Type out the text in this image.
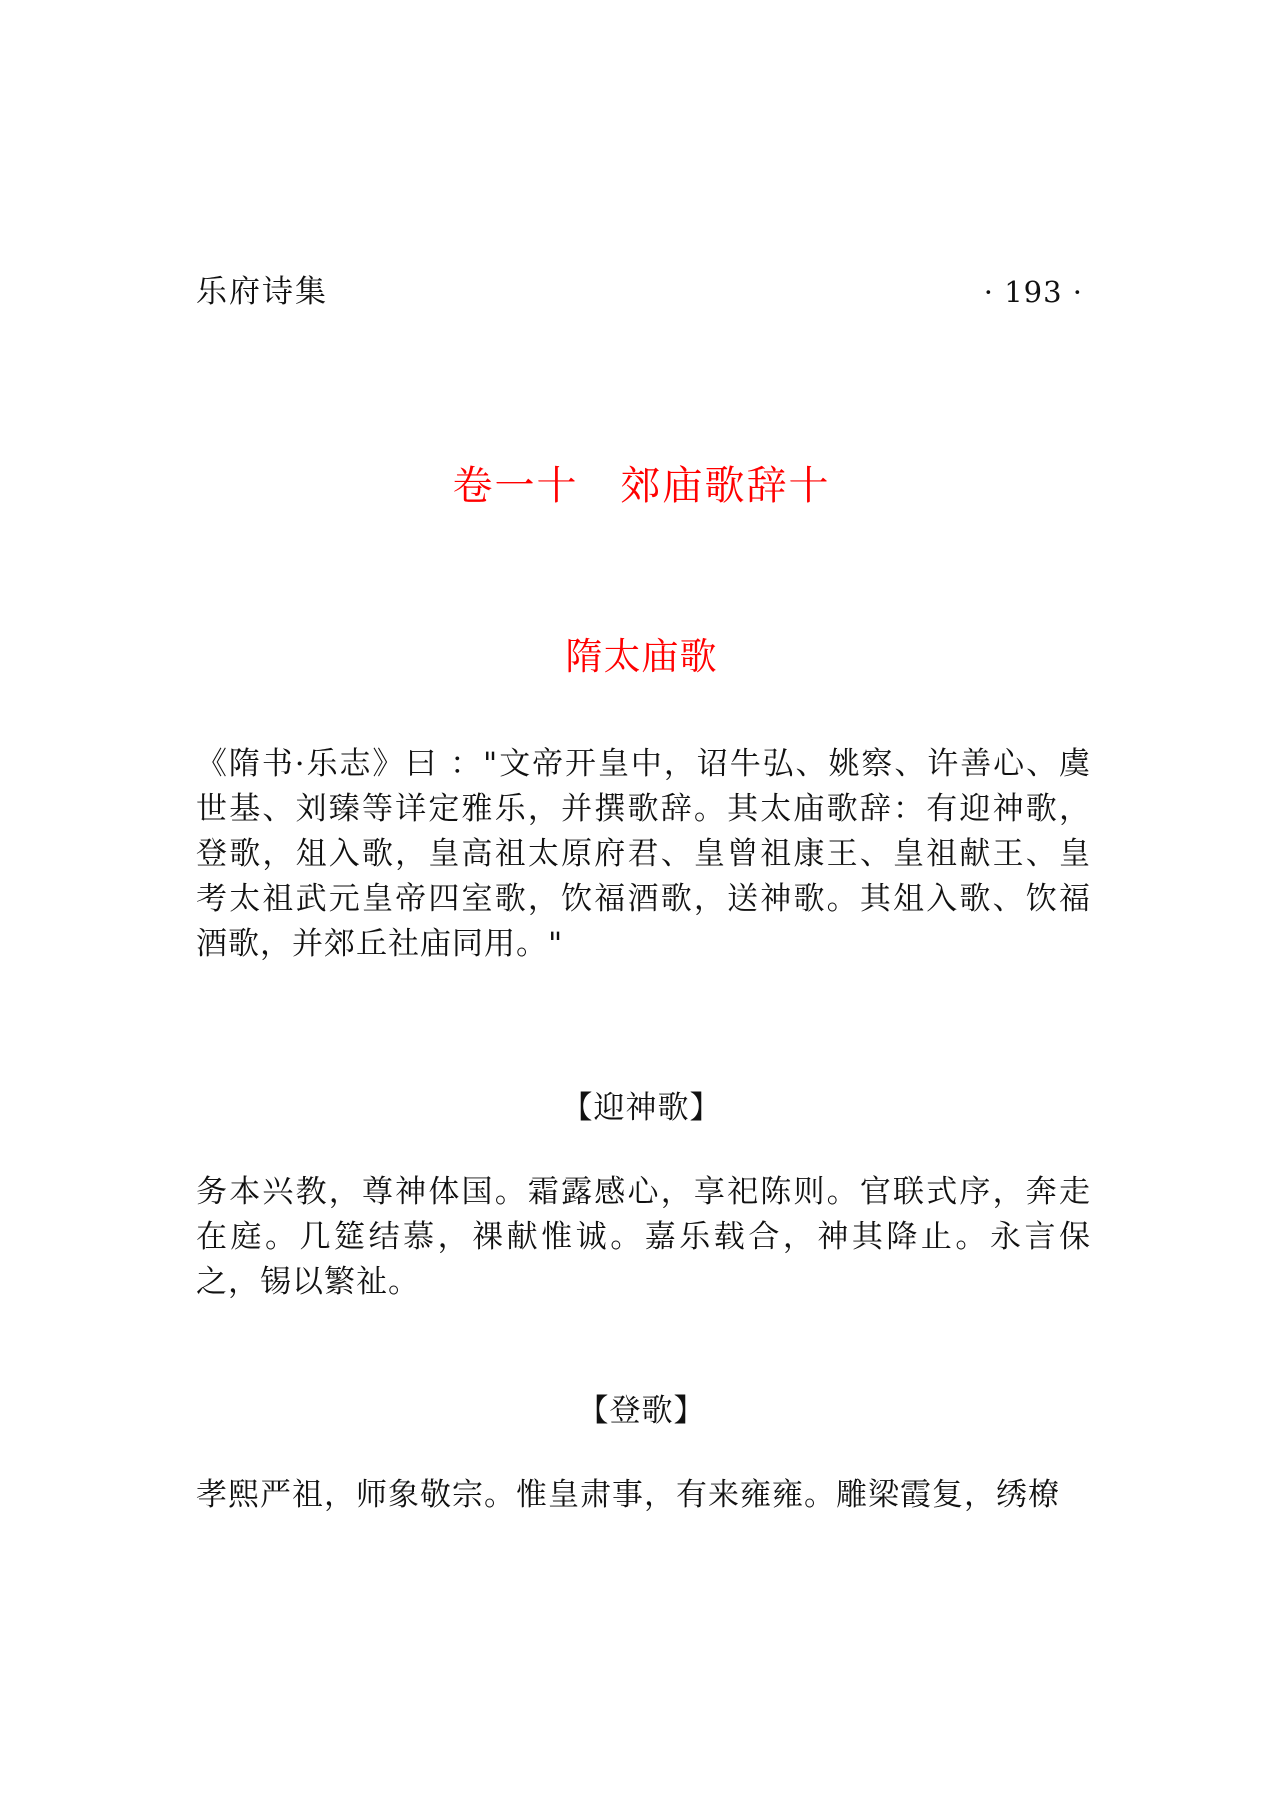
乐府诗集	· 193 ·
卷一十　郊庙歌辞十
隋太庙歌

《隋书·乐志》曰 ："文帝开皇中，诏牛弘、姚察、许善心、虞世基、刘臻等详定雅乐，并撰歌辞。其太庙歌辞：有迎神歌，登歌，俎入歌，皇高祖太原府君、皇曾祖康王、皇祖献王、皇考太祖武元皇帝四室歌，饮福酒歌，送神歌。其俎入歌、饮福酒歌，并郊丘社庙同用。"

【迎神歌】

务本兴教，尊神体国。霜露感心，享祀陈则。官联式序，奔走在庭。几筵结慕，祼献惟诚。嘉乐载合，神其降止。永言保之，锡以繁祉。

【登歌】

孝熙严祖，师象敬宗。惟皇肃事，有来雍雍。雕梁霞复，绣橑
